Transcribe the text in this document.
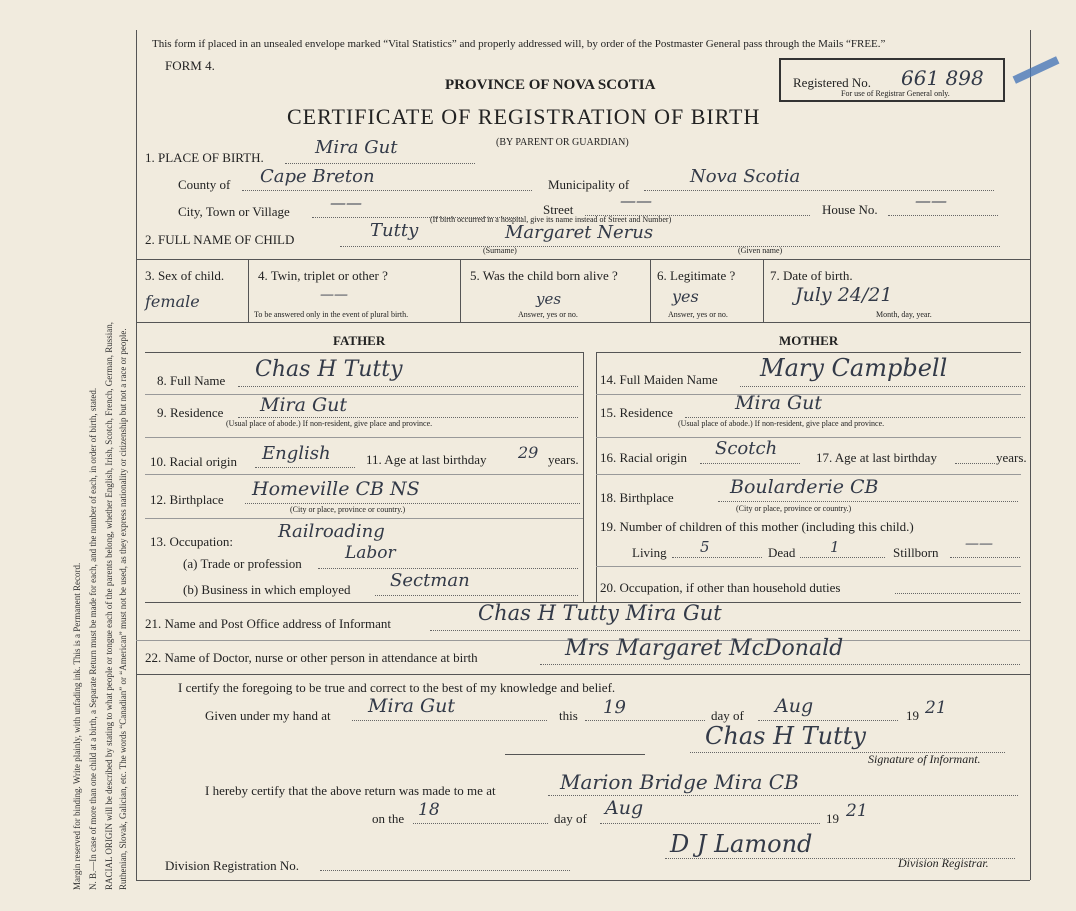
Margin reserved for binding. Write plainly, with unfading ink. This is a Permanent Record. N. B.—In case of more than one child at a birth, a Separate Return must be made for each, and the number of each, in order of birth, stated. RACIAL ORIGIN will be described by stating to what people or tongue each of the parents belong, whether English, Irish, Scotch, French, German, Russian, Ruthenian, Slovak, Galician, etc. The words “Canadian” or “American” must not be used, as they express nationality or citizenship but not a race or people.
This form if placed in an unsealed envelope marked “Vital Statistics” and properly addressed will, by order of the Postmaster General pass through the Mails “FREE.”
FORM 4.
PROVINCE OF NOVA SCOTIA
CERTIFICATE OF REGISTRATION OF BIRTH
(BY PARENT OR GUARDIAN)
Registered No. 661 898
For use of Registrar General only.
1. PLACE OF BIRTH.	Mira Gut
County of Cape Breton	Municipality of	Nova Scotia
City, Town or Village	——	Street	——	House No. ——
(If birth occurred in a hospital, give its name instead of Street and Number)
2. FULL NAME OF CHILD	Tutty	Margaret Nerus
(Surname)	(Given name)
3. Sex of child.
female
4. Twin, triplet or other ?
——
To be answered only in the event of plural birth.
5. Was the child born alive ?
yes
Answer, yes or no.
6. Legitimate ?
yes
Answer, yes or no.
7. Date of birth.
July 24/21
Month, day, year.
FATHER	MOTHER
8. Full Name Chas H Tutty
9. Residence Mira Gut
(Usual place of abode.) If non-resident, give place and province.
10. Racial origin English	11. Age at last birthday 29 years.
12. Birthplace Homeville CB NS
(City or place, province or country.)
13. Occupation: Railroading
(a) Trade or profession
Labor
(b) Business in which employed Sectman
14. Full Maiden Name Mary Campbell
15. Residence	Mira Gut
(Usual place of abode.) If non-resident, give place and province.
16. Racial origin Scotch	17. Age at last birthday	years.
18. Birthplace	Boularderie CB
(City or place, province or country.)
19. Number of children of this mother (including this child.)
Living 5	Dead 1	Stillborn
——
20. Occupation, if other than household duties
21. Name and Post Office address of Informant	Chas H Tutty Mira Gut
22. Name of Doctor, nurse or other person in attendance at birth	Mrs Margaret McDonald
I certify the foregoing to be true and correct to the best of my knowledge and belief.
Given under my hand at Mira Gut	this 19	day of Aug	19 21
Chas H Tutty
Signature of Informant.
I hereby certify that the above return was made to me at	Marion Bridge Mira CB
on the 18	day of Aug	19 21
Division Registration No.
D J Lamond
Division Registrar.
